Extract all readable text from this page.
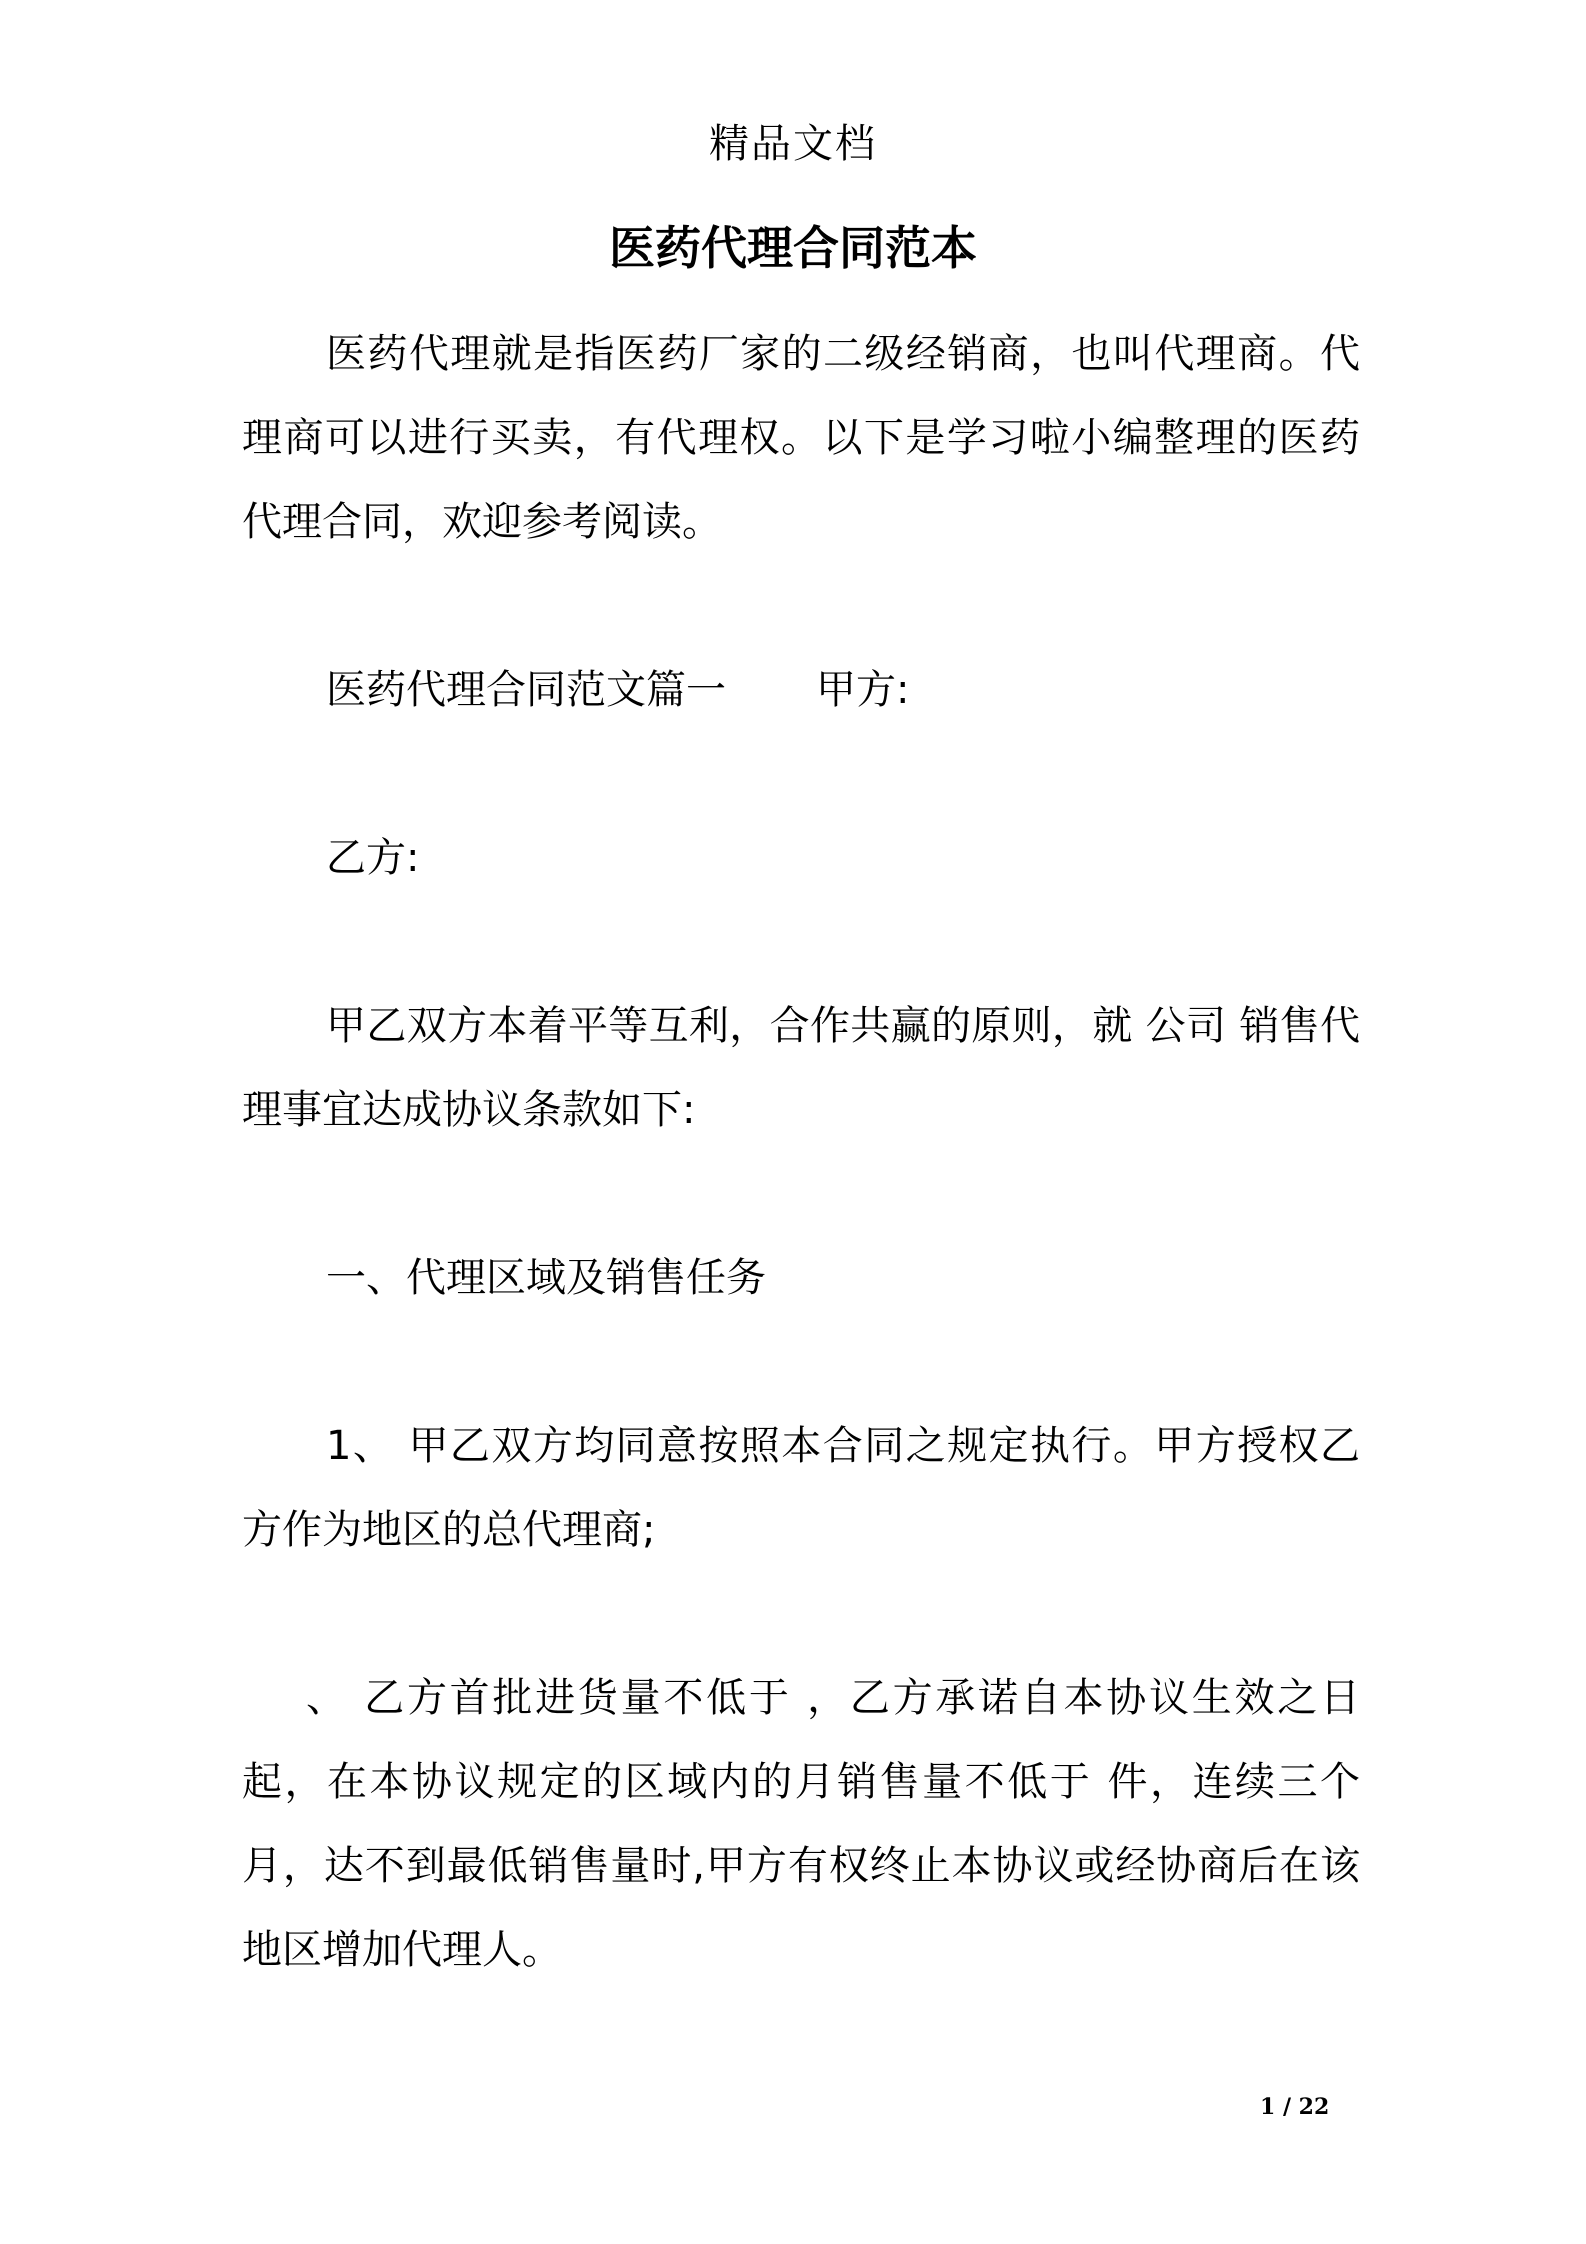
精品文档
医药代理合同范本
医药代理就是指医药厂家的二级经销商，也叫代理商。代理商可以进行买卖，有代理权。以下是学习啦小编整理的医药代理合同，欢迎参考阅读。
医药代理合同范文篇一 甲方:
乙方:
甲乙双方本着平等互利，合作共赢的原则，就 公司 销售代理事宜达成协议条款如下:
一、代理区域及销售任务
1、 甲乙双方均同意按照本合同之规定执行。甲方授权乙方作为地区的总代理商;
、 乙方首批进货量不低于 ，乙方承诺自本协议生效之日起，在本协议规定的区域内的月销售量不低于 件，连续三个月，达不到最低销售量时,甲方有权终止本协议或经协商后在该地区增加代理人。
1 / 22
